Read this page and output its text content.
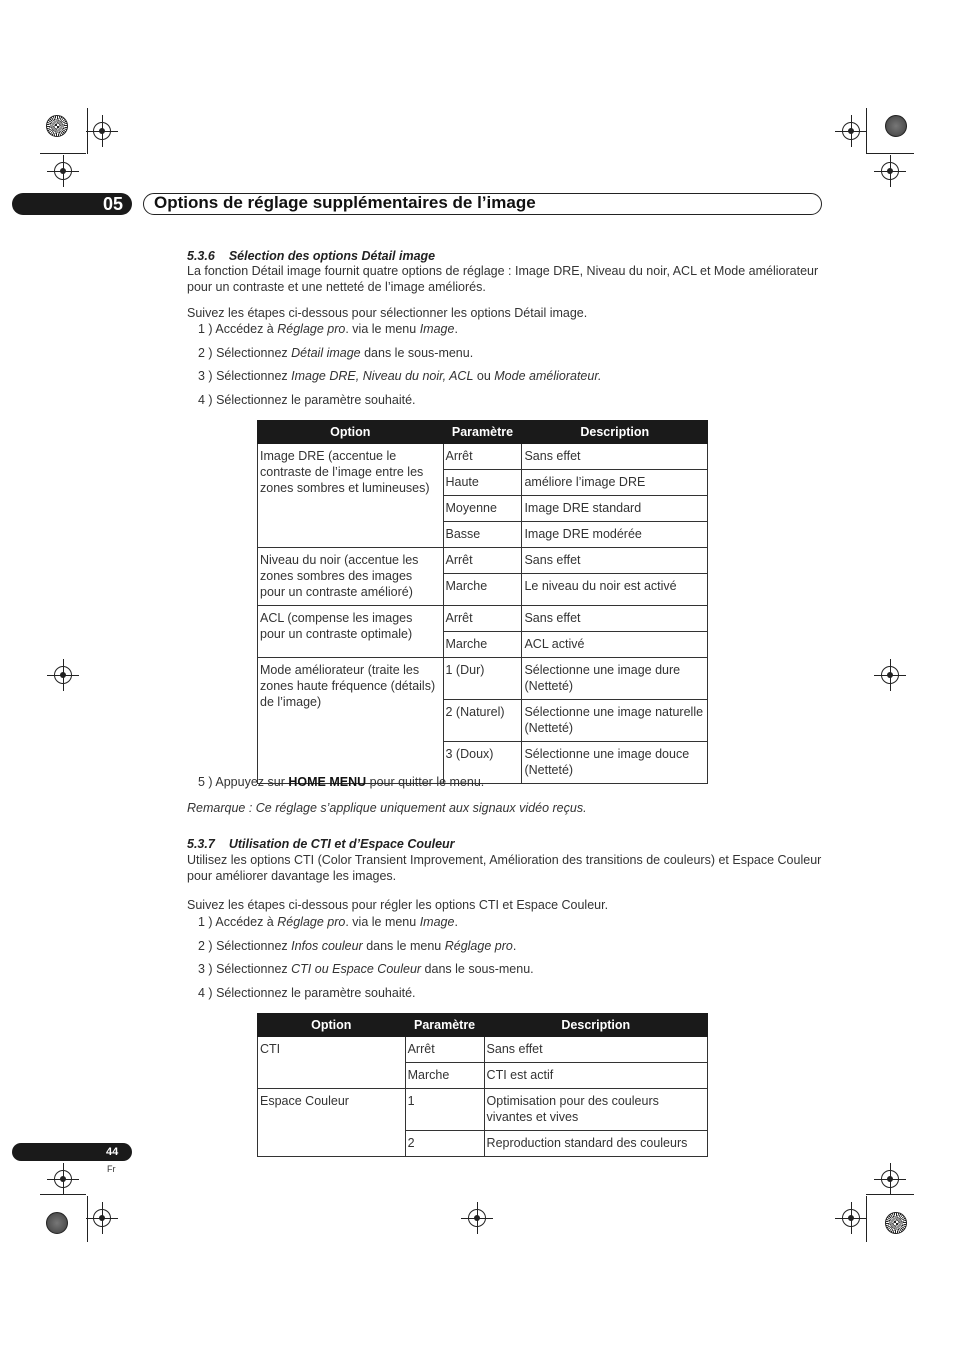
05 Options de réglage supplémentaires de l’image
5.3.6 Sélection des options Détail image
La fonction Détail image fournit quatre options de réglage : Image DRE, Niveau du noir, ACL et Mode améliorateur pour un contraste et une netteté de l’image améliorés.
Suivez les étapes ci-dessous pour sélectionner les options Détail image.
1 ) Accédez à Réglage pro. via le menu Image.
2 ) Sélectionnez Détail image dans le sous-menu.
3 ) Sélectionnez Image DRE, Niveau du noir, ACL ou Mode améliorateur.
4 ) Sélectionnez le paramètre souhaité.
Option	Paramètre	Description
Image DRE (accentue le contraste de l’image entre les zones sombres et lumineuses)	Arrêt	Sans effet
	Haute	améliore l’image DRE
	Moyenne	Image DRE standard
	Basse	Image DRE modérée
Niveau du noir (accentue les zones sombres des images pour un contraste amélioré)	Arrêt	Sans effet
	Marche	Le niveau du noir est activé
ACL (compense les images pour un contraste optimale)	Arrêt	Sans effet
	Marche	ACL activé
Mode améliorateur (traite les zones haute fréquence (détails) de l’image)	1 (Dur)	Sélectionne une image dure (Netteté)
	2 (Naturel)	Sélectionne une image naturelle (Netteté)
	3 (Doux)	Sélectionne une image douce (Netteté)
5 ) Appuyez sur HOME MENU pour quitter le menu.
Remarque : Ce réglage s’applique uniquement aux signaux vidéo reçus.
5.3.7 Utilisation de CTI et d’Espace Couleur
Utilisez les options CTI (Color Transient Improvement, Amélioration des transitions de couleurs) et Espace Couleur pour améliorer davantage les images.
Suivez les étapes ci-dessous pour régler les options CTI et Espace Couleur.
1 ) Accédez à Réglage pro. via le menu Image.
2 ) Sélectionnez Infos couleur dans le menu Réglage pro.
3 ) Sélectionnez CTI ou Espace Couleur dans le sous-menu.
4 ) Sélectionnez le paramètre souhaité.
Option	Paramètre	Description
CTI	Arrêt	Sans effet
	Marche	CTI est actif
Espace Couleur	1	Optimisation pour des couleurs vivantes et vives
	2	Reproduction standard des couleurs
44
Fr
